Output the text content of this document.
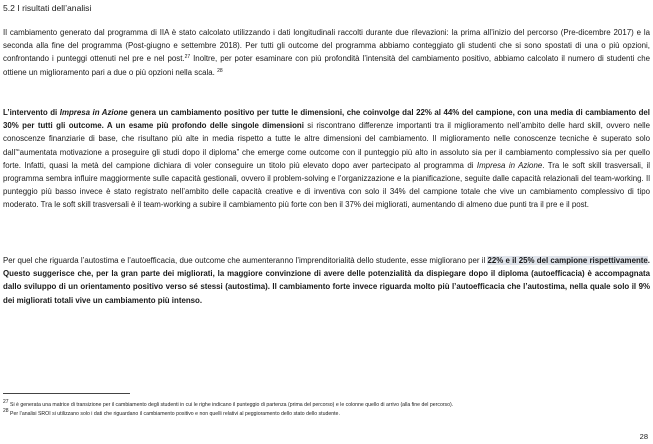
5.2 I risultati dell’analisi

Il cambiamento generato dal programma di IIA è stato calcolato utilizzando i dati longitudinali raccolti durante due rilevazioni: la prima all’inizio del percorso (Pre-dicembre 2017) e la seconda alla fine del programma (Post-giugno e settembre 2018). Per tutti gli outcome del programma abbiamo conteggiato gli studenti che si sono spostati di una o più opzioni, confrontando i punteggi ottenuti nel pre e nel post.$^{27}$ Inoltre, per poter esaminare con più profondità l’intensità del cambiamento positivo, abbiamo calcolato il numero di studenti che ottiene un miglioramento pari a due o più opzioni nella scala. $^{28}$

L’intervento di Impresa in Azione genera un cambiamento positivo per tutte le dimensioni, che coinvolge dal 22% al 44% del campione, con una media di cambiamento del 30% per tutti gli outcome. A un esame più profondo delle singole dimensioni si riscontrano differenze importanti tra il miglioramento nell’ambito delle hard skill, ovvero nelle conoscenze finanziarie di base, che risultano più alte in media rispetto a tutte le altre dimensioni del cambiamento. Il miglioramento nelle conoscenze tecniche è superato solo dall’“aumentata motivazione a proseguire gli studi dopo il diploma” che emerge come outcome con il punteggio più alto in assoluto sia per il cambiamento complessivo sia per quello forte. Infatti, quasi la metà del campione dichiara di voler conseguire un titolo più elevato dopo aver partecipato al programma di Impresa in Azione. Tra le soft skill trasversali, il programma sembra influire maggiormente sulle capacità gestionali, ovvero il problem-solving e l’organizzazione e la pianificazione, seguite dalle capacità relazionali del team-working. Il punteggio più basso invece è stato registrato nell’ambito delle capacità creative e di inventiva con solo il 34% del campione totale che vive un cambiamento complessivo di tipo moderato. Tra le soft skill trasversali è il team-working a subire il cambiamento più forte con ben il 37% dei migliorati, aumentando di almeno due punti tra il pre e il post.

Per quel che riguarda l’autostima e l’autoefficacia, due outcome che aumenteranno l’imprenditorialità dello studente, esse migliorano per il 22% e il 25% del campione rispettivamente. Questo suggerisce che, per la gran parte dei migliorati, la maggiore convinzione di avere delle potenzialità da dispiegare dopo il diploma (autoefficacia) è accompagnata dallo sviluppo di un orientamento positivo verso sé stessi (autostima). Il cambiamento forte invece riguarda molto più l’autoefficacia che l’autostima, nella quale solo il 9% dei migliorati totali vive un cambiamento più intenso.

$^{27}$ Si è generata una matrice di transizione per il cambiamento degli studenti in cui le righe indicano il punteggio di partenza (prima del percorso) e le colonne quello di arrivo (alla fine del percorso).
$^{28}$ Per l’analisi SROI si utilizzano solo i dati che riguardano il cambiamento positivo e non quelli relativi al peggioramento dello stato dello studente.
28
